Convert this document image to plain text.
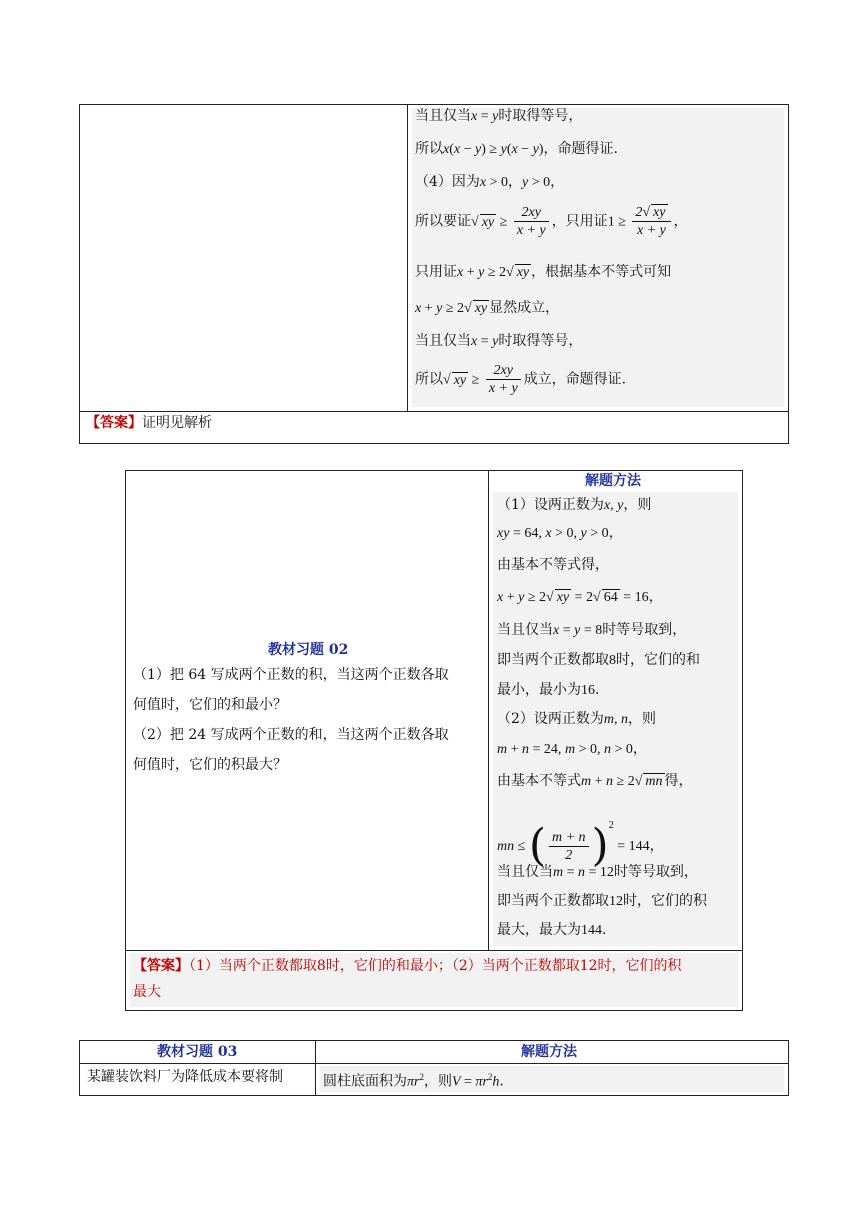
当且仅当x = y时取得等号，
所以x(x − y) ≥ y(x − y)，命题得证.
（4）因为x > 0，y > 0，
所以要证√ xy ≥ $\frac{2xy}{x + y}$ ，只用证$1 \ge \frac{2√ xy}{x + y}$ ，
只用证x + y ≥ 2√ xy ，根据基本不等式可知
x + y ≥ 2√ xy 显然成立，
当且仅当x = y时取得等号，
所以√ xy ≥ $\frac{2xy}{x + y}$ 成立，命题得证.
【答案】证明见解析
解题方法
教材习题 02
（1）把 64 写成两个正数的积，当这两个正数各取
何值时，它们的和最小？
（2）把 24 写成两个正数的和，当这两个正数各取
何值时，它们的积最大？
（1）设两正数为x, y，则
xy = 64, x > 0, y > 0，
由基本不等式得，
x + y ≥ 2√ xy = 2√ 64 = 16，
当且仅当x = y = 8时等号取到，
即当两个正数都取8时，它们的和
最小，最小为16.
（2）设两正数为m, n，则
m + n = 24, m > 0, n > 0，
由基本不等式m + n ≥ 2√ mn 得，
mn ≤ ( $\frac{m + n}{2} )^2 = 144$，
当且仅当m = n = 12时等号取到，
即当两个正数都取12时，它们的积
最大，最大为144.
【答案】（1）当两个正数都取8时，它们的和最小；（2）当两个正数都取12时，它们的积
最大
教材习题 03	解题方法
某罐装饮料厂为降低成本要将制	圆柱底面积为$\pi r^2$，则$V = \pi r^2h$.
